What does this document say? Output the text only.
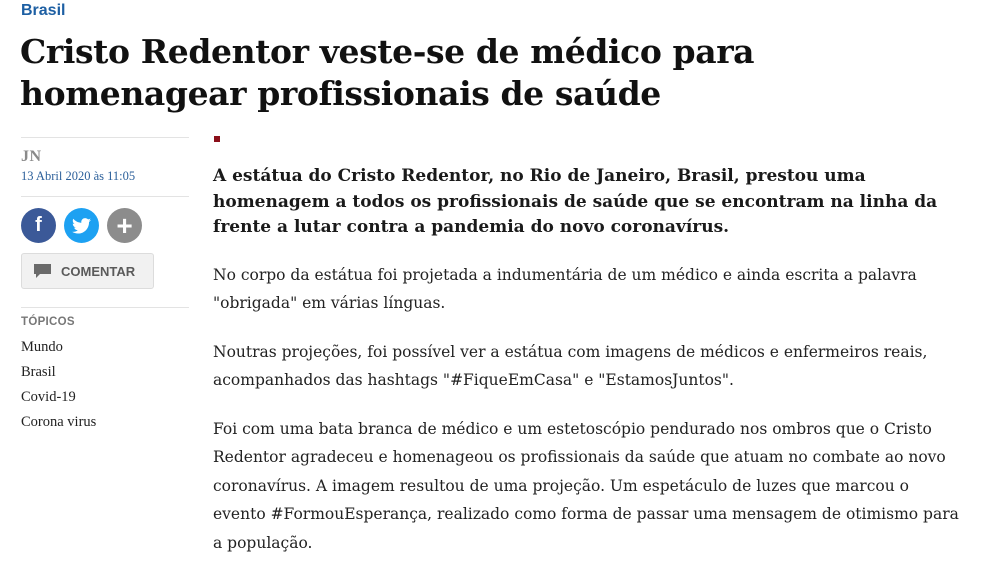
Brasil
Cristo Redentor veste-se de médico para homenagear profissionais de saúde
JN
13 Abril 2020 às 11:05
f	+
COMENTAR
TÓPICOS
Mundo
Brasil
Covid-19
Corona virus

A estátua do Cristo Redentor, no Rio de Janeiro, Brasil, prestou uma homenagem a todos os profissionais de saúde que se encontram na linha da frente a lutar contra a pandemia do novo coronavírus.

No corpo da estátua foi projetada a indumentária de um médico e ainda escrita a palavra "obrigada" em várias línguas.

Noutras projeções, foi possível ver a estátua com imagens de médicos e enfermeiros reais, acompanhados das hashtags "#FiqueEmCasa" e "EstamosJuntos".

Foi com uma bata branca de médico e um estetoscópio pendurado nos ombros que o Cristo Redentor agradeceu e homenageou os profissionais da saúde que atuam no combate ao novo coronavírus. A imagem resultou de uma projeção. Um espetáculo de luzes que marcou o evento #FormouEsperança, realizado como forma de passar uma mensagem de otimismo para a população.
